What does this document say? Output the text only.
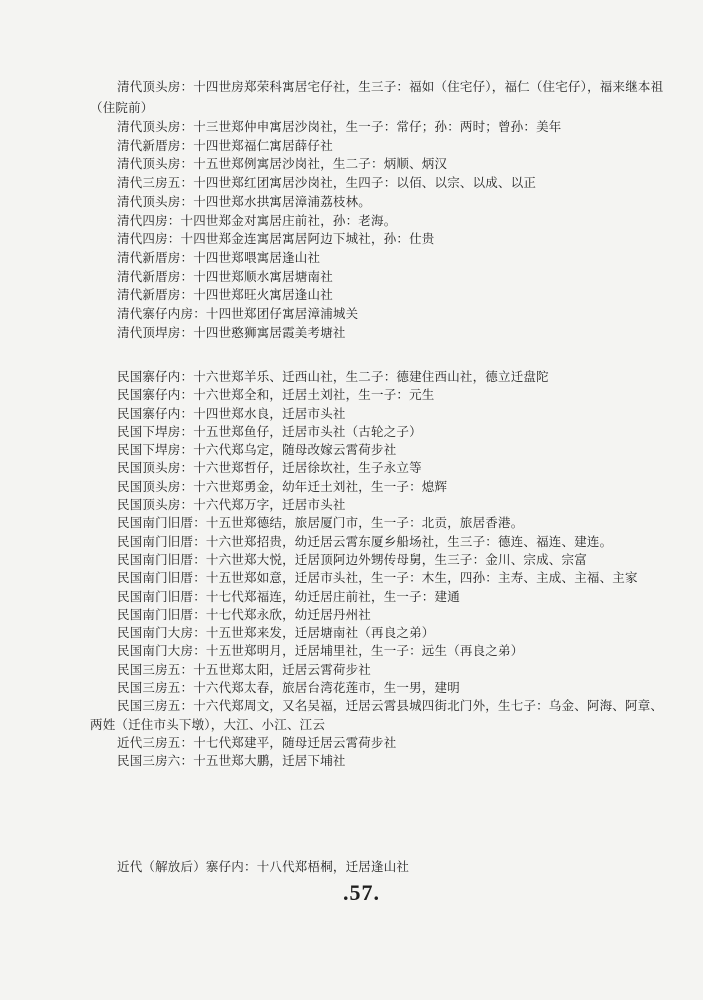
清代顶头房：十四世房郑荣科寓居宅仔社，生三子：福如（住宅仔），福仁（住宅仔），福来继本祖（住院前）

清代顶头房：十三世郑仲申寓居沙岗社，生一子：常仔；孙：两时；曾孙：美年

清代新厝房：十四世郑福仁寓居薛仔社

清代顶头房：十五世郑例寓居沙岗社，生二子：炳顺、炳汉

清代三房五：十四世郑红团寓居沙岗社，生四子：以佰、以宗、以成、以正

清代顶头房：十四世郑水拱寓居漳浦荔枝林。

清代四房：十四世郑金对寓居庄前社，孙：老海。

清代四房：十四世郑金连寓居寓居阿边下城社，孙：仕贵

清代新厝房：十四世郑喂寓居逢山社

清代新厝房：十四世郑顺水寓居塘南社

清代新厝房：十四世郑旺火寓居逢山社

清代寨仔内房：十四世郑团仔寓居漳浦城关

清代顶垾房：十四世憨狮寓居霞美考塘社

民国寨仔内：十六世郑羊乐、迁西山社，生二子：德建住西山社，德立迁盘陀

民国寨仔内：十六世郑全和，迁居土刘社，生一子：元生

民国寨仔内：十四世郑水良，迁居市头社

民国下垾房：十五世郑鱼仔，迁居市头社（古轮之子）

民国下垾房：十六代郑乌定，随母改嫁云霄荷步社

民国顶头房：十六世郑哲仔，迁居徐坎社，生子永立等

民国顶头房：十六世郑勇金，幼年迁土刘社，生一子：熄辉

民国顶头房：十六代郑万字，迁居市头社

民国南门旧厝：十五世郑德结，旅居厦门市，生一子：北贡，旅居香港。

民国南门旧厝：十六世郑招贵，幼迁居云霄东厦乡船场社，生三子：德连、福连、建连。

民国南门旧厝：十六世郑大悦，迁居顶阿边外甥传母舅，生三子：金川、宗成、宗富

民国南门旧厝：十五世郑如意，迁居市头社，生一子：木生，四孙：主寿、主成、主福、主家

民国南门旧厝：十七代郑福连，幼迁居庄前社，生一子：建通

民国南门旧厝：十七代郑永欣，幼迁居丹州社

民国南门大房：十五世郑来发，迁居塘南社（再良之弟）

民国南门大房：十五世郑明月，迁居埔里社，生一子：远生（再良之弟）

民国三房五：十五世郑太阳，迁居云霄荷步社

民国三房五：十六代郑太春，旅居台湾花莲市，生一男，建明

民国三房五：十六代郑周文，又名吴福，迁居云霄县城四街北门外，生七子：乌金、阿海、阿章、两姓（迁住市头下墩），大江、小江、江云

近代三房五：十七代郑建平，随母迁居云霄荷步社

民国三房六：十五世郑大鹏，迁居下埔社

近代（解放后）寨仔内：十八代郑梧桐，迁居逢山社

.57.
